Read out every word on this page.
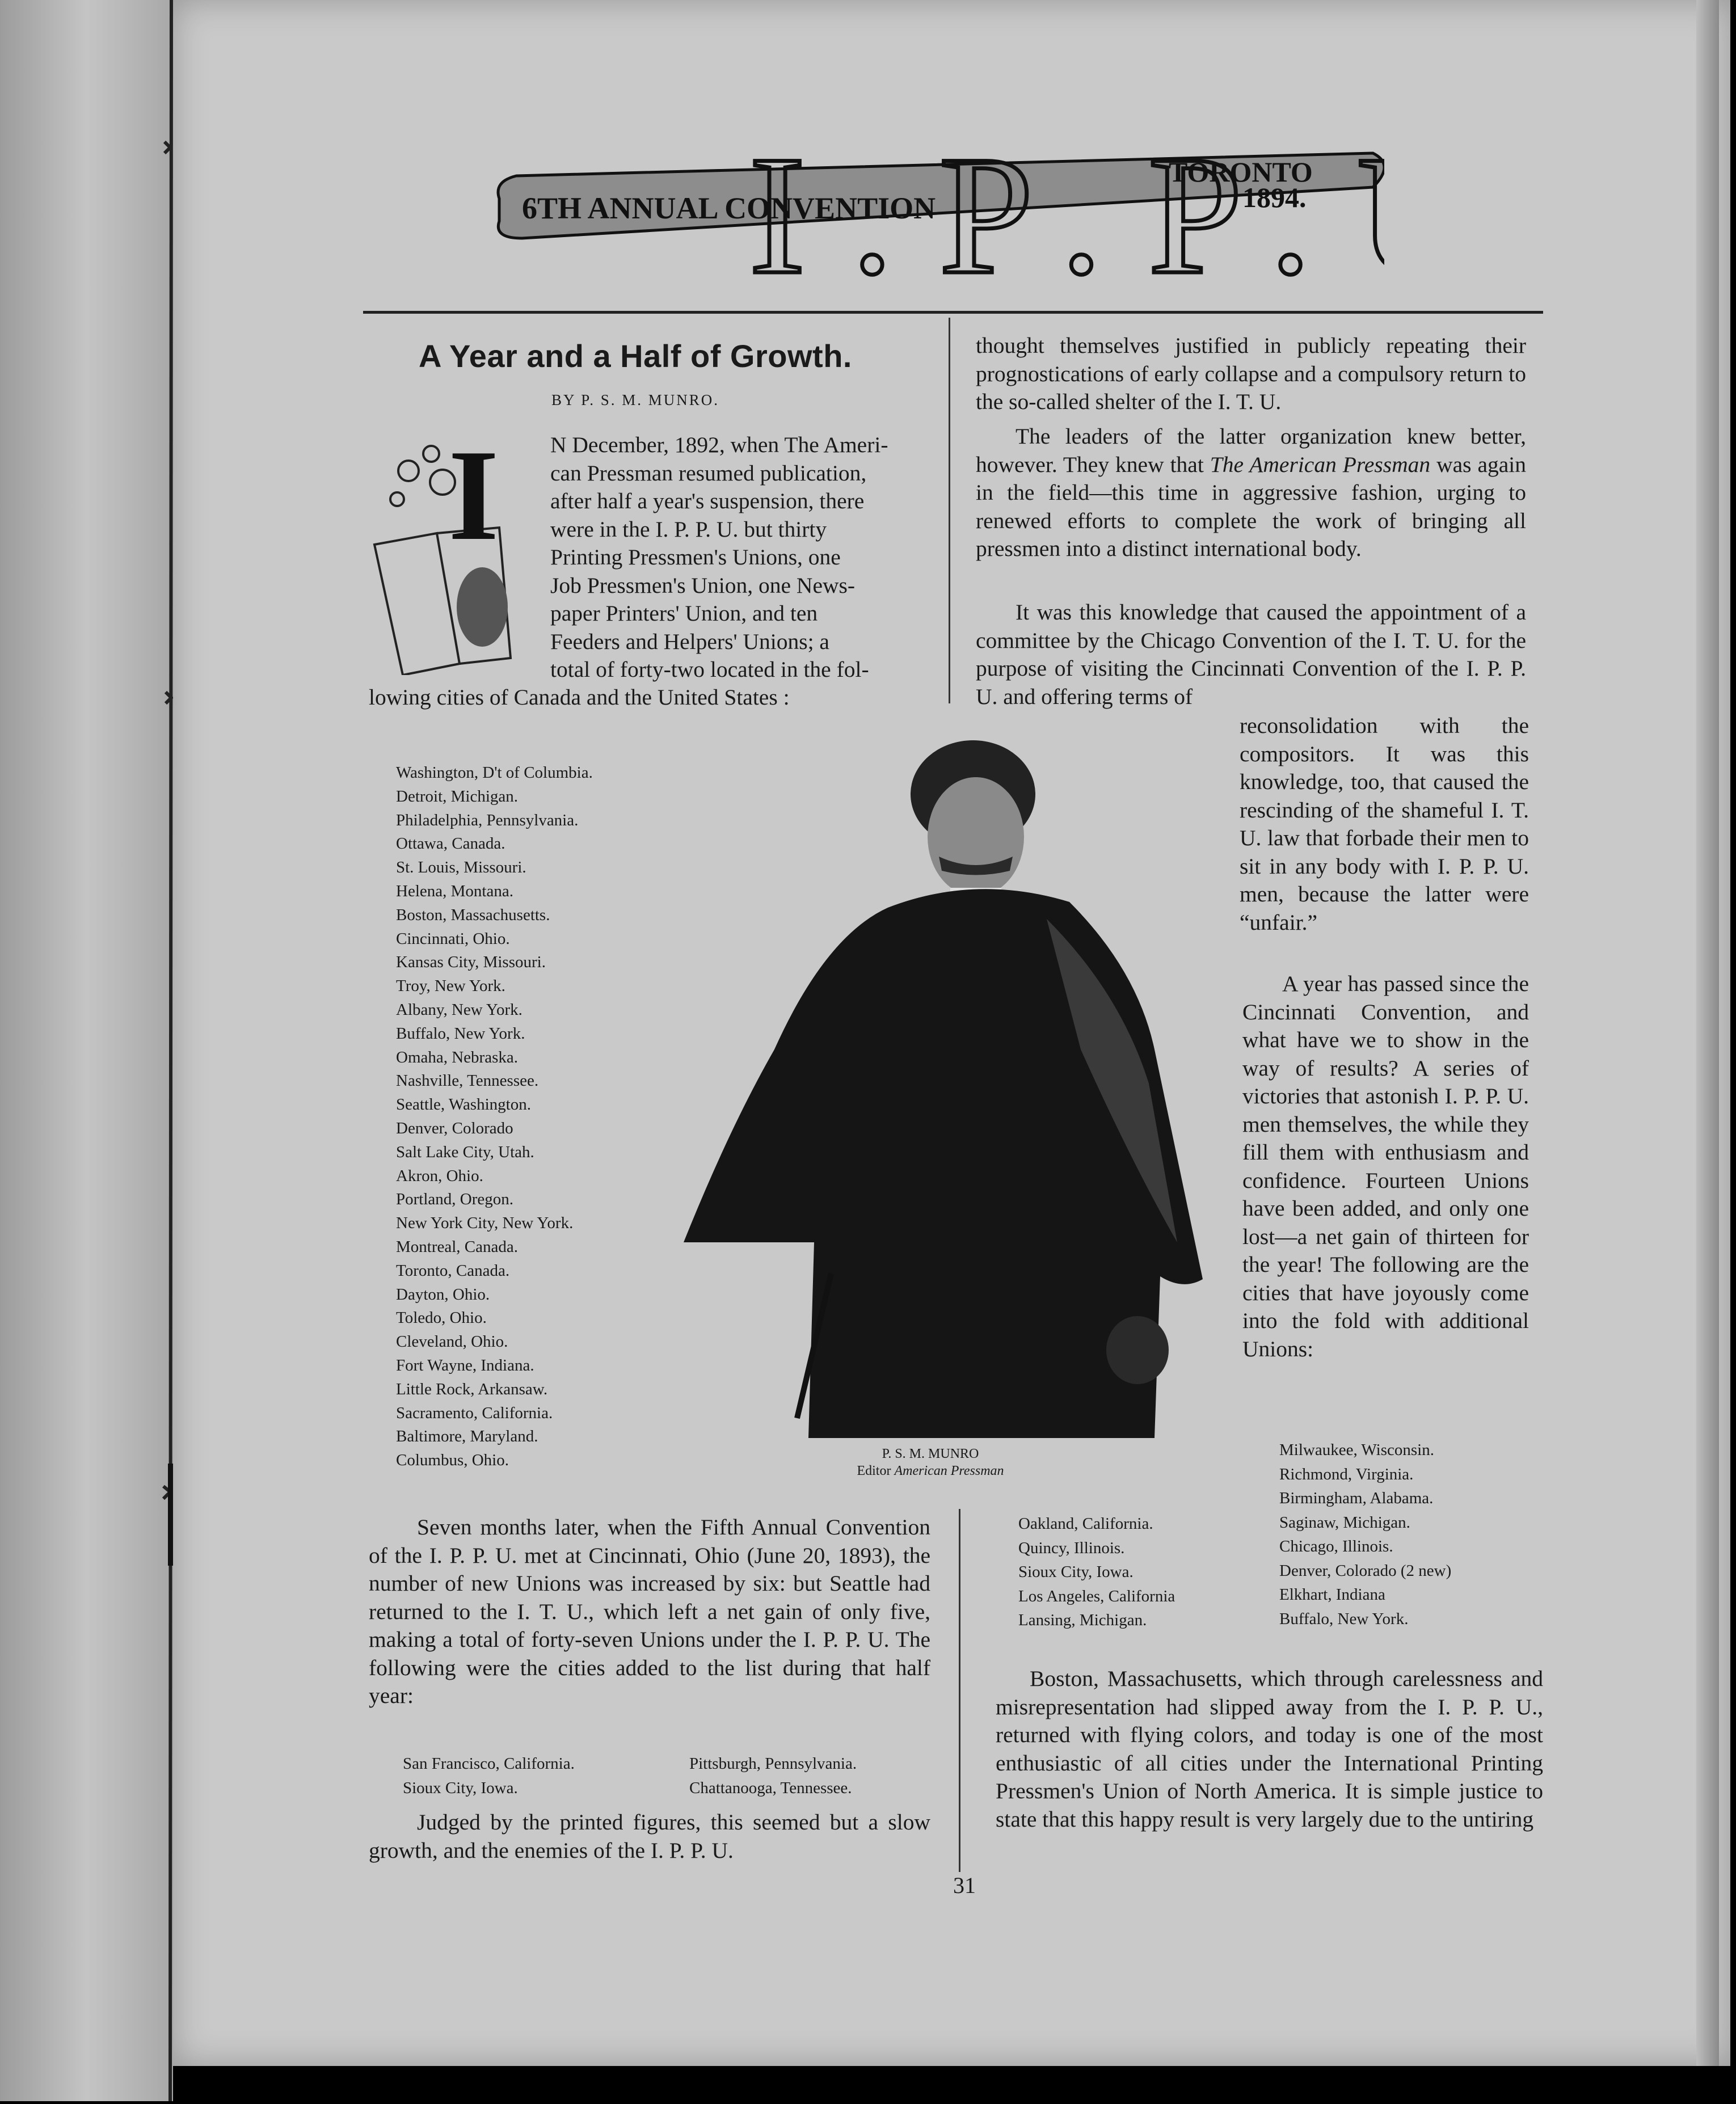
I.P.P.
6TH ANNUAL CONVENTION
TORONTO
1894.
A Year and a Half of Growth.
BY P. S. M. MUNRO.
I N December, 1892, when The Ameri-
can Pressman resumed publication,
after half a year's suspension, there
were in the I. P. P. U. but thirty
Printing Pressmen's Unions, one
Job Pressmen's Union, one News-
paper Printers' Union, and ten
Feeders and Helpers' Unions; a
total of forty-two located in the fol-
lowing cities of Canada and the United States :
Washington, D't of Columbia.
Detroit, Michigan.
Philadelphia, Pennsylvania.
Ottawa, Canada.
St. Louis, Missouri.
Helena, Montana.
Boston, Massachusetts.
Cincinnati, Ohio.
Kansas City, Missouri.
Troy, New York.
Albany, New York.
Buffalo, New York.
Omaha, Nebraska.
Nashville, Tennessee.
Seattle, Washington.
Denver, Colorado
Salt Lake City, Utah.
Akron, Ohio.
Portland, Oregon.
New York City, New York.
Montreal, Canada.
Toronto, Canada.
Dayton, Ohio.
Toledo, Ohio.
Cleveland, Ohio.
Fort Wayne, Indiana.
Little Rock, Arkansaw.
Sacramento, California.
Baltimore, Maryland.
Columbus, Ohio.	P. S. M. MUNRO
Editor American Pressman
Seven months later, when the Fifth Annual Convention of the I. P. P. U. met at Cincinnati, Ohio (June 20, 1893), the number of new Unions was increased by six: but Seattle had returned to the I. T. U., which left a net gain of only five, making a total of forty-seven Unions under the I. P. P. U. The following were the cities added to the list during that half year:
San Francisco, California.
Sioux City, Iowa.
Pittsburgh, Pennsylvania.
Chattanooga, Tennessee.
Judged by the printed figures, this seemed but a slow growth, and the enemies of the I. P. P. U.
thought themselves justified in publicly repeating their prognostications of early collapse and a compulsory return to the so-called shelter of the I. T. U.
The leaders of the latter organization knew better, however. They knew that The American Pressman was again in the field—this time in aggressive fashion, urging to renewed efforts to complete the work of bringing all pressmen into a distinct international body.
It was this knowledge that caused the appointment of a committee by the Chicago Convention of the I. T. U. for the purpose of visiting the Cincinnati Convention of the I. P. P. U. and offering terms of
reconsolidation with the compositors. It was this knowledge, too, that caused the rescinding of the shameful I. T. U. law that forbade their men to sit in any body with I. P. P. U. men, because the latter were “unfair.”
A year has passed since the Cincinnati Convention, and what have we to show in the way of results? A series of victories that astonish I. P. P. U. men themselves, the while they fill them with enthusiasm and confidence. Fourteen Unions have been added, and only one lost—a net gain of thirteen for the year! The following are the cities that have joyously come into the fold with additional Unions:
Milwaukee, Wisconsin.
Richmond, Virginia.
Birmingham, Alabama.
Saginaw, Michigan.
Chicago, Illinois.
Denver, Colorado (2 new)
Elkhart, Indiana
Buffalo, New York.
Oakland, California.
Quincy, Illinois.
Sioux City, Iowa.
Los Angeles, California
Lansing, Michigan.
Boston, Massachusetts, which through carelessness and misrepresentation had slipped away from the I. P. P. U., returned with flying colors, and today is one of the most enthusiastic of all cities under the International Printing Pressmen's Union of North America. It is simple justice to state that this happy result is very largely due to the untiring
31
